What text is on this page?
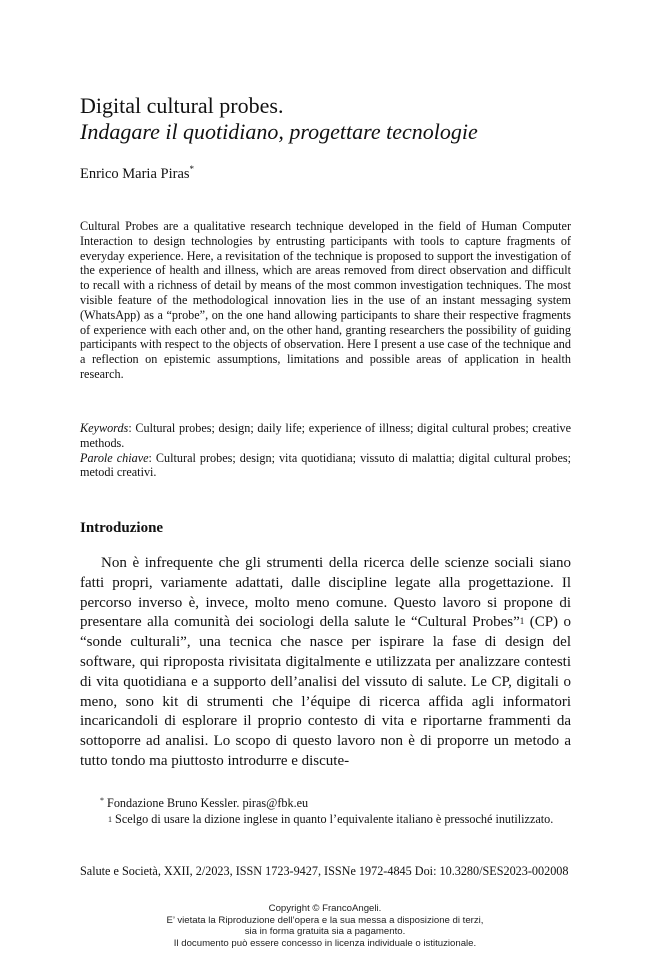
Digital cultural probes.
Indagare il quotidiano, progettare tecnologie
Enrico Maria Piras*
Cultural Probes are a qualitative research technique developed in the field of Human Computer Interaction to design technologies by entrusting participants with tools to capture fragments of everyday experience. Here, a revisitation of the technique is proposed to support the investigation of the experience of health and illness, which are areas removed from direct observation and difficult to recall with a richness of detail by means of the most common investigation techniques. The most visible feature of the methodological innovation lies in the use of an instant messaging system (WhatsApp) as a “probe”, on the one hand allowing participants to share their respective fragments of experience with each other and, on the other hand, granting researchers the possibility of guiding participants with respect to the objects of observation. Here I present a use case of the technique and a reflection on epistemic assumptions, limitations and possible areas of application in health research.
Keywords: Cultural probes; design; daily life; experience of illness; digital cultural probes; creative methods.
Parole chiave: Cultural probes; design; vita quotidiana; vissuto di malattia; digital cultural probes; metodi creativi.
Introduzione
Non è infrequente che gli strumenti della ricerca delle scienze sociali siano fatti propri, variamente adattati, dalle discipline legate alla progettazione. Il percorso inverso è, invece, molto meno comune. Questo lavoro si propone di presentare alla comunità dei sociologi della salute le “Cultural Probes”$^1$ (CP) o “sonde culturali”, una tecnica che nasce per ispirare la fase di design del software, qui riproposta rivisitata digitalmente e utilizzata per analizzare contesti di vita quotidiana e a supporto dell’analisi del vissuto di salute. Le CP, digitali o meno, sono kit di strumenti che l’équipe di ricerca affida agli informatori incaricandoli di esplorare il proprio contesto di vita e riportarne frammenti da sottoporre ad analisi. Lo scopo di questo lavoro non è di proporre un metodo a tutto tondo ma piuttosto introdurre e discute-
* Fondazione Bruno Kessler. piras@fbk.eu
$^1$ Scelgo di usare la dizione inglese in quanto l’equivalente italiano è pressoché inutilizzato.
Salute e Società, XXII, 2/2023, ISSN 1723-9427, ISSNe 1972-4845 Doi: 10.3280/SES2023-002008
Copyright © FrancoAngeli.
E’ vietata la Riproduzione dell’opera e la sua messa a disposizione di terzi,
sia in forma gratuita sia a pagamento.
Il documento può essere concesso in licenza individuale o istituzionale.
